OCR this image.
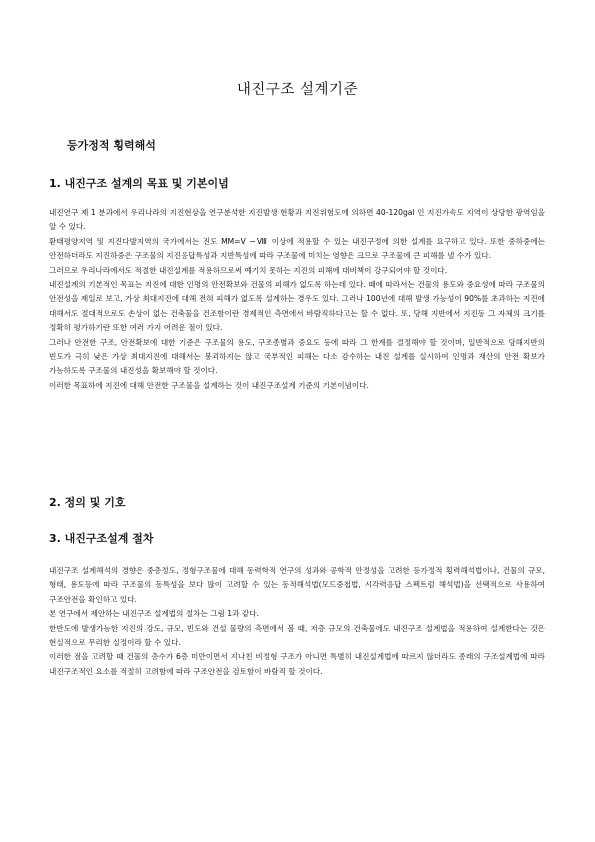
내진구조 설계기준
등가정적 횡력해석
1. 내진구조 설계의 목표 및 기본이념

내진연구 제 1 분과에서 우리나라의 지진현상을 연구분석한 지진발생 현황과 지진위험도에 의하면 40-120gal 인 지진가속도 지역이 상당한 광역임을 알 수 있다.

환태평양지역 및 지진다발지역의 국가에서는 진도 MM=V ~Ⅷ 이상에 적용할 수 있는 내진구정에 의한 설계를 요구하고 있다. 또한 중하중에는 안전하더라도 지진하중은 구조물의 지진응답특성과 지반특성에 따라 구조물에 미치는 영향은 크므로 구조물에 큰 피해를 낼 수가 있다.

그러므로 우리나라에서도 적절한 내진설계를 적용하므로써 예기치 못하는 지진의 피해에 대비책이 강구되어야 할 것이다.

내진설계의 기본적인 목표는 지진에 대한 인명의 안전확보와 건물의 피해가 없도록 하는데 있다. 때에 따라서는 건물의 용도와 중요성에 따라 구조물의 안전성을 제일로 보고, 가상 최대지진에 대해 전혀 피해가 없도록 설계하는 경우도 있다. 그러나 100년에 대해 발생 가능성이 90%를 초과하는 지진에 대해서도 절대적으로도 손상이 없는 건축물을 건조함이란 경제적인 측면에서 바람직하다고는 할 수 없다. 또, 당해 지반에서 지진동 그 자체의 크기를 정확히 평가하기란 또한 여러 가지 어려운 점이 있다.

그러나 안전한 구조, 안전확보에 대한 기준은 구조물의 용도, 구조종별과 중요도 등에 따라 그 한계를 결정해야 할 것이며, 일반적으로 당해지반의 빈도가 극히 낮은 가상 최대지진에 대해서는 붕괴하지는 않고 국부적인 피해는 다소 감수하는 내진 설계를 실시하여 인명과 재산의 안전 확보가 가능하도록 구조물의 내진성을 확보해야 할 것이다.

이러한 목표하에 지진에 대해 안전한 구조물을 설계하는 것이 내진구조설계 기준의 기본이념이다.

2. 정의 및 기호
3. 내진구조설계 절차

내진구조 설계해석의 경향은 중층정도, 정형구조물에 대해 동력학적 연구의 성과와 공학적 안정성을 고려한 등가정적 횡력해석법이나, 건물의 규모, 형태, 용도등에 따라 구조물의 동특성을 보다 많이 고려할 수 있는 동적해석법(모드중첩법, 시각력응답 스펙트럼 해석법)을 선택적으로 사용하여 구조안전을 확인하고 있다.

본 연구에서 제안하는 내진구조 설계법의 절차는 그림 1과 같다.

한반도에 발생가능한 지진의 강도, 규모, 빈도와 건설 물량의 측면에서 볼 때, 저층 규모의 건축물에도 내진구조 설계법을 적용하여 설계한다는 것은 현실적으로 무리한 실정이라 할 수 있다.

이러한 점을 고려할 때 건물의 층수가 6층 미만이면서 지나친 비정형 구조가 아니면 특별히 내진설계법에 따르지 않더라도 종래의 구조설계법에 따라 내진구조적인 요소를 적절히 고려함에 따라 구조안전을 검토함이 바람직 할 것이다.
